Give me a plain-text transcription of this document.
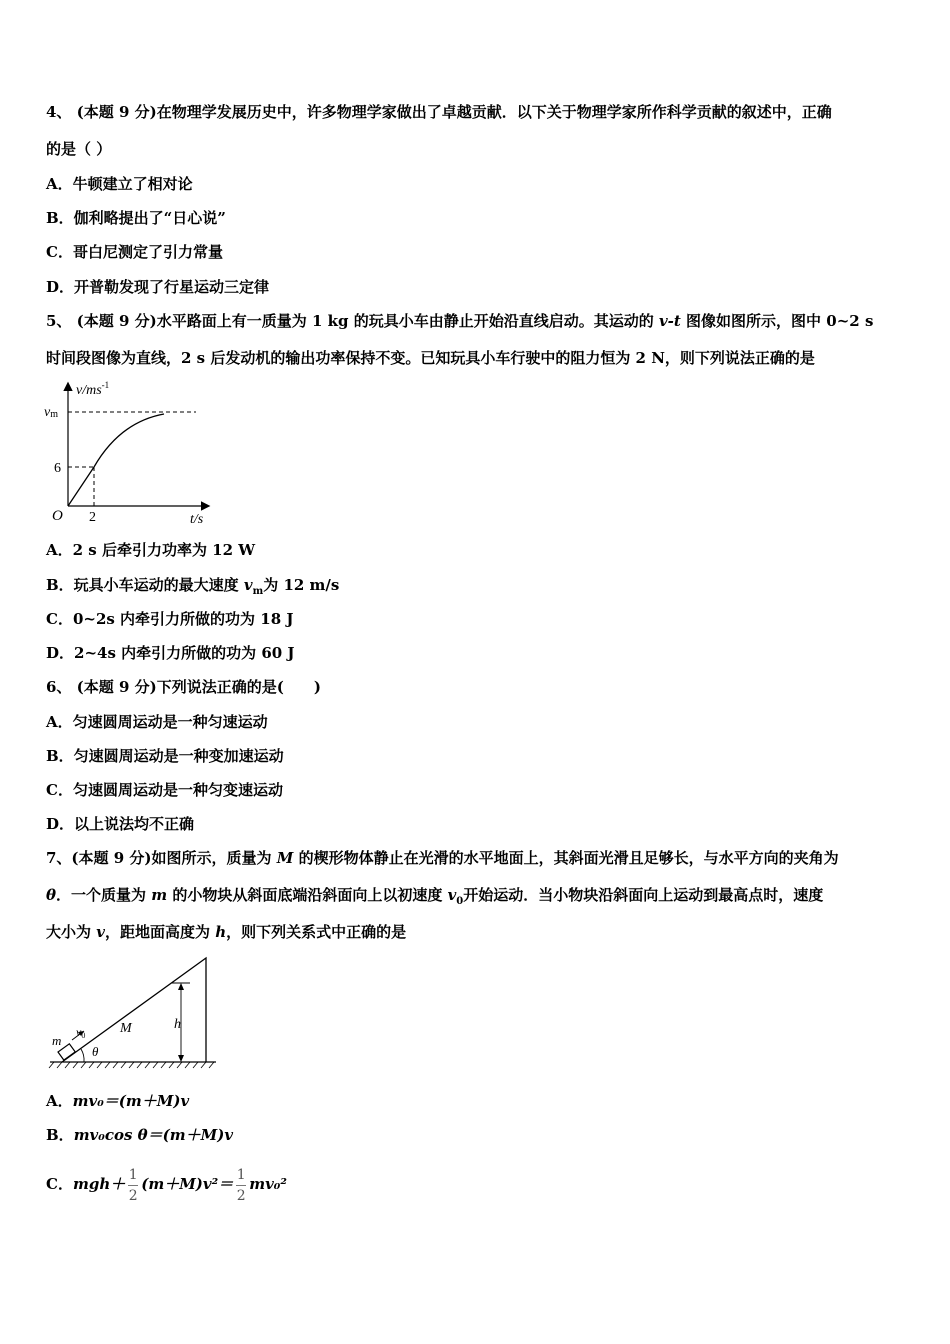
4、 (本题 9 分)在物理学发展历史中，许多物理学家做出了卓越贡献．以下关于物理学家所作科学贡献的叙述中，正确
的是（ ）
A．牛顿建立了相对论
B．伽利略提出了“日心说”
C．哥白尼测定了引力常量
D．开普勒发现了行星运动三定律
5、 (本题 9 分)水平路面上有一质量为 1 kg 的玩具小车由静止开始沿直线启动。其运动的 v-t 图像如图所示，图中 0~2 s
时间段图像为直线，2 s 后发动机的输出功率保持不变。已知玩具小车行驶中的阻力恒为 2 N，则下列说法正确的是
$v/ms^{-1}$
vm
6
O 2	t/s
A．2 s 后牵引力功率为 12 W
B．玩具小车运动的最大速度 $v_m$为 12 m/s
C．0~2s 内牵引力所做的功为 18 J
D．2~4s 内牵引力所做的功为 60 J
6、 (本题 9 分)下列说法正确的是(　　)
A．匀速圆周运动是一种匀速运动
B．匀速圆周运动是一种变加速运动
C．匀速圆周运动是一种匀变速运动
D．以上说法均不正确
7、(本题 9 分)如图所示，质量为 M 的楔形物体静止在光滑的水平地面上，其斜面光滑且足够长，与水平方向的夹角为
θ．一个质量为 m 的小物块从斜面底端沿斜面向上以初速度 $v_0$开始运动．当小物块沿斜面向上运动到最高点时，速度
大小为 v，距地面高度为 h，则下列关系式中正确的是
m
v0 M	h
θ
A．mv₀＝(m＋M)v
B．mv₀cos θ＝(m＋M)v
C．$mgh+ \frac{1}{2} (m+M)v^2= \frac{1}{2} mv_0^2$
